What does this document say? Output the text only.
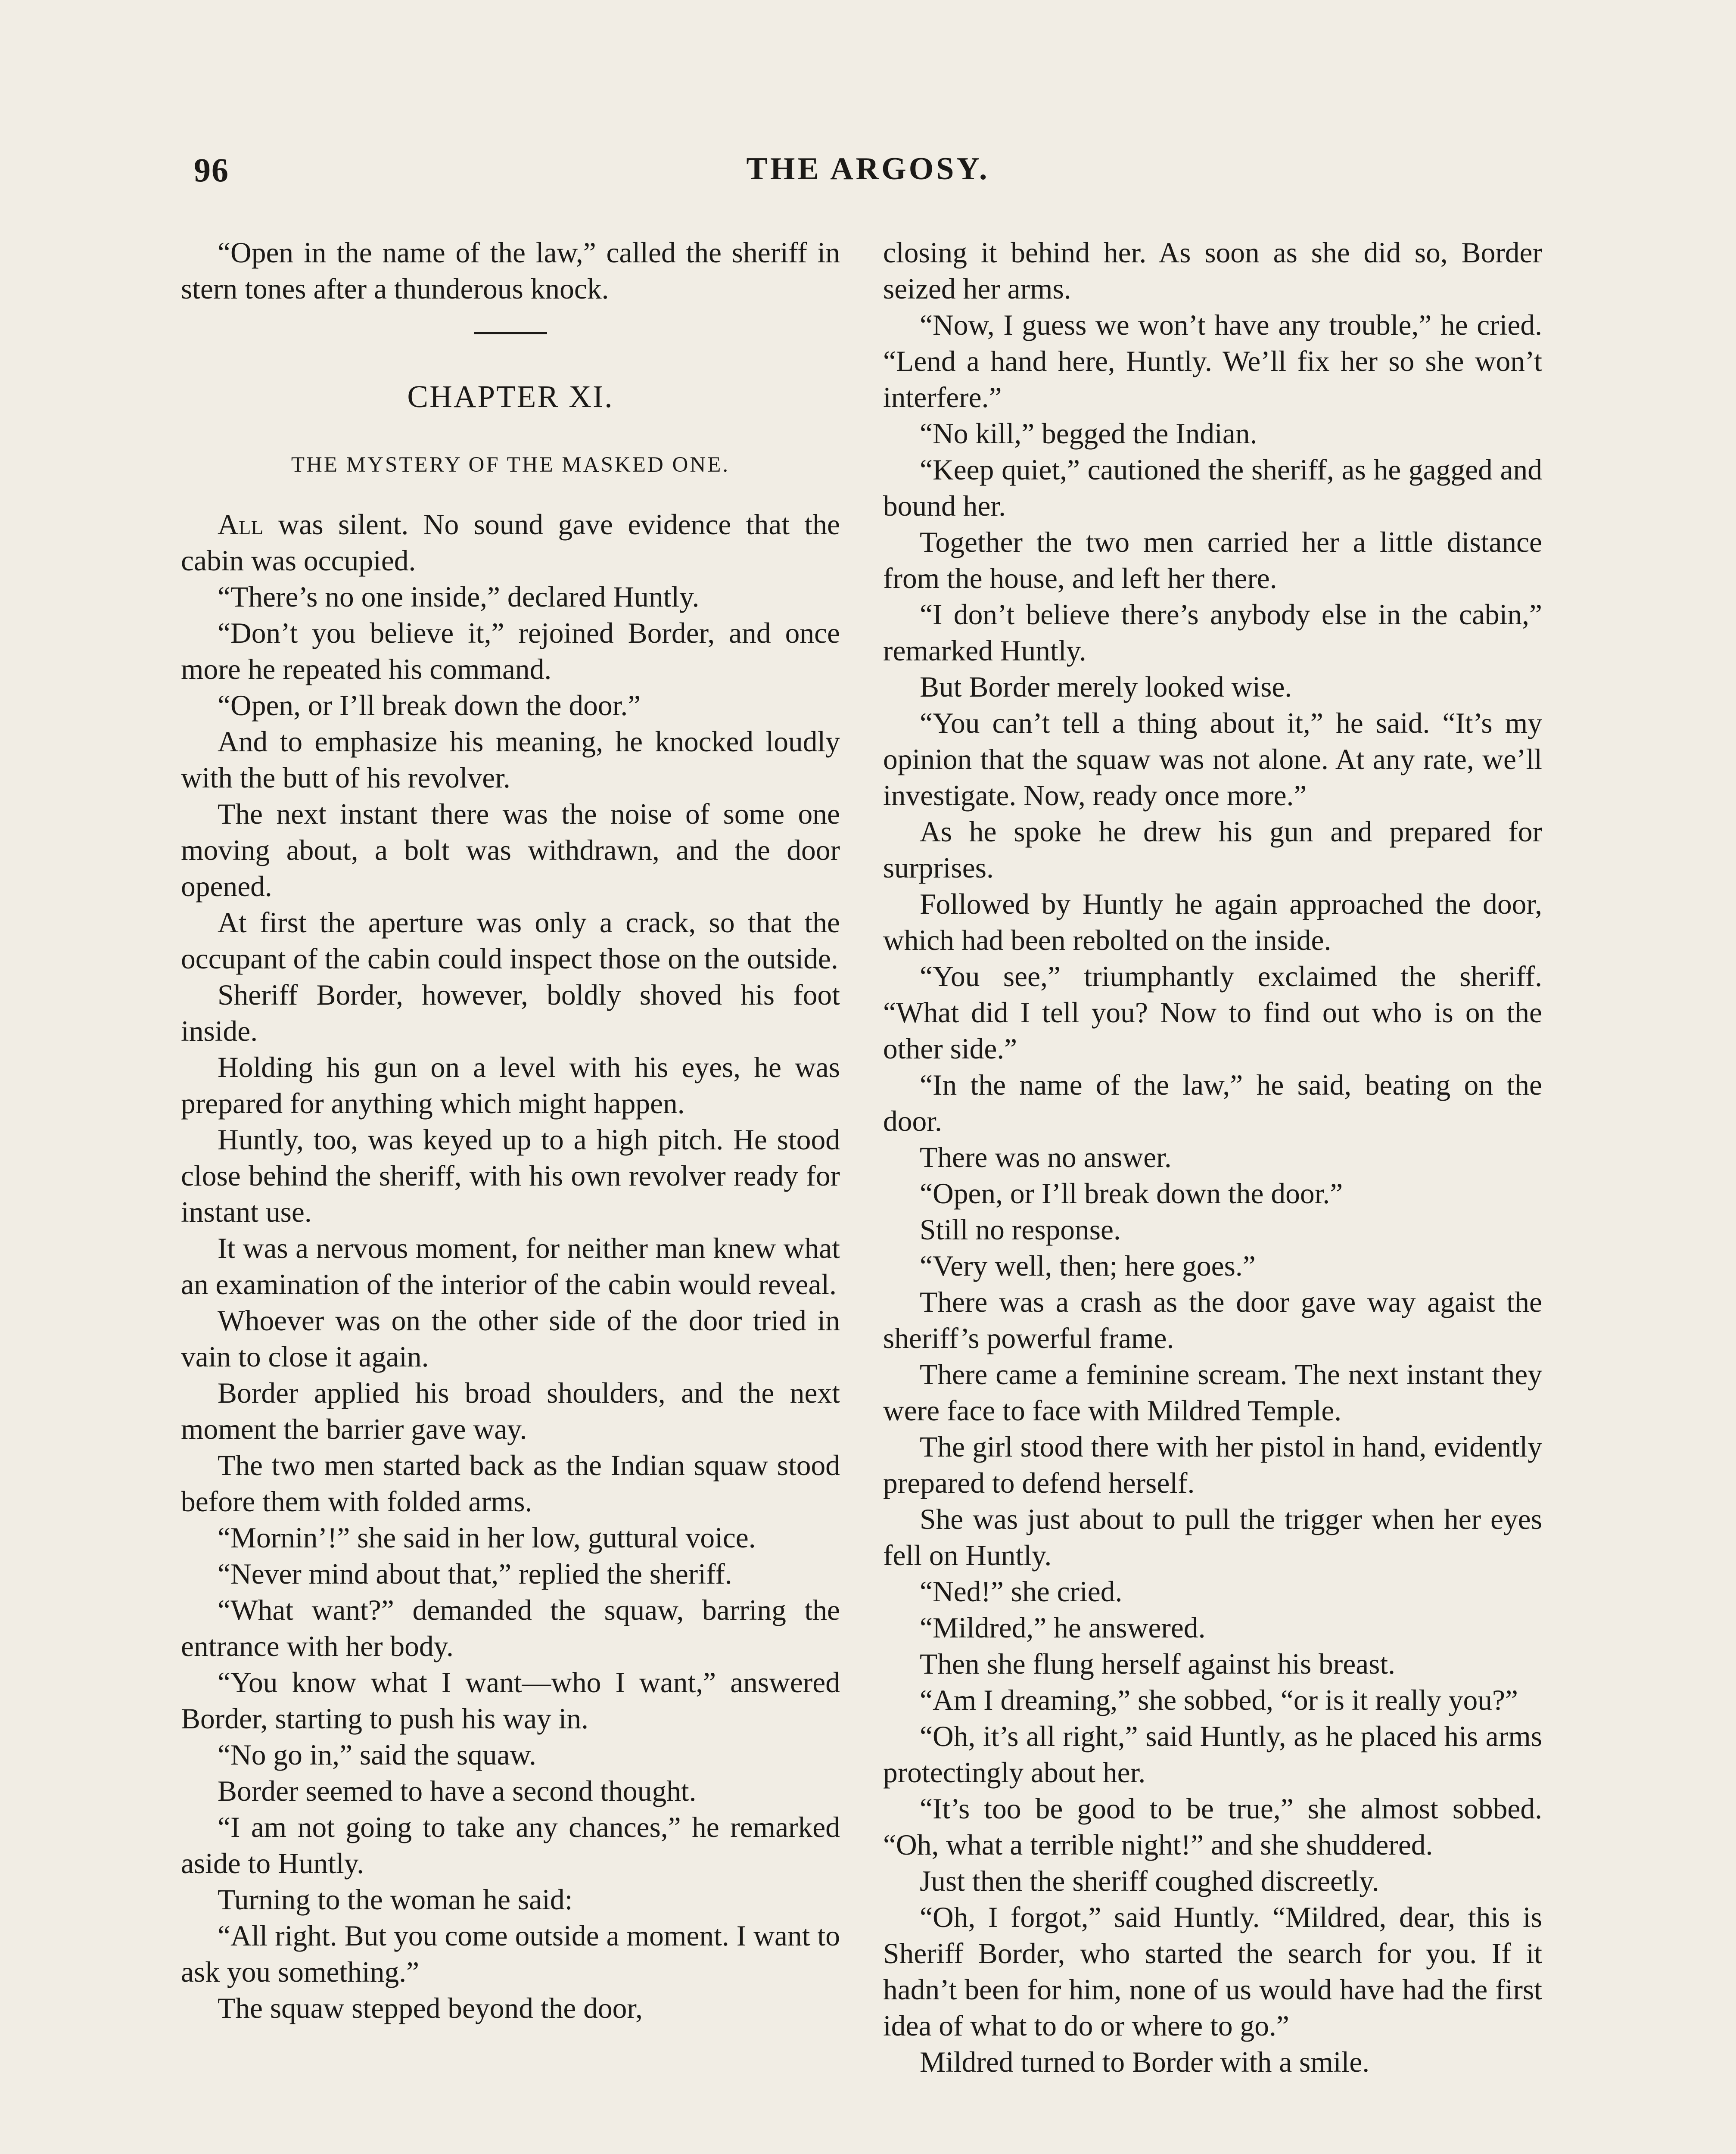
96	THE ARGOSY.

“Open in the name of the law,” called the sheriff in stern tones after a thunderous knock.

CHAPTER XI.
THE MYSTERY OF THE MASKED ONE.

All was silent. No sound gave evidence that the cabin was occupied.

“There’s no one inside,” declared Huntly.

“Don’t you believe it,” rejoined Border, and once more he repeated his command.

“Open, or I’ll break down the door.”

And to emphasize his meaning, he knocked loudly with the butt of his revolver.

The next instant there was the noise of some one moving about, a bolt was withdrawn, and the door opened.

At first the aperture was only a crack, so that the occupant of the cabin could inspect those on the outside.

Sheriff Border, however, boldly shoved his foot inside.

Holding his gun on a level with his eyes, he was prepared for anything which might happen.

Huntly, too, was keyed up to a high pitch. He stood close behind the sheriff, with his own revolver ready for instant use.

It was a nervous moment, for neither man knew what an examination of the interior of the cabin would reveal.

Whoever was on the other side of the door tried in vain to close it again.

Border applied his broad shoulders, and the next moment the barrier gave way.

The two men started back as the Indian squaw stood before them with folded arms.

“Mornin’!” she said in her low, guttural voice.

“Never mind about that,” replied the sheriff.

“What want?” demanded the squaw, barring the entrance with her body.

“You know what I want—who I want,” answered Border, starting to push his way in.

“No go in,” said the squaw.

Border seemed to have a second thought.

“I am not going to take any chances,” he remarked aside to Huntly.

Turning to the woman he said:

“All right. But you come outside a moment. I want to ask you something.”

The squaw stepped beyond the door,

closing it behind her. As soon as she did so, Border seized her arms.

“Now, I guess we won’t have any trouble,” he cried. “Lend a hand here, Huntly. We’ll fix her so she won’t interfere.”

“No kill,” begged the Indian.

“Keep quiet,” cautioned the sheriff, as he gagged and bound her.

Together the two men carried her a little distance from the house, and left her there.

“I don’t believe there’s anybody else in the cabin,” remarked Huntly.

But Border merely looked wise.

“You can’t tell a thing about it,” he said. “It’s my opinion that the squaw was not alone. At any rate, we’ll investigate. Now, ready once more.”

As he spoke he drew his gun and prepared for surprises.

Followed by Huntly he again approached the door, which had been rebolted on the inside.

“You see,” triumphantly exclaimed the sheriff. “What did I tell you? Now to find out who is on the other side.”

“In the name of the law,” he said, beating on the door.

There was no answer.

“Open, or I’ll break down the door.”

Still no response.

“Very well, then; here goes.”

There was a crash as the door gave way agaist the sheriff’s powerful frame.

There came a feminine scream. The next instant they were face to face with Mildred Temple.

The girl stood there with her pistol in hand, evidently prepared to defend herself.

She was just about to pull the trigger when her eyes fell on Huntly.

“Ned!” she cried.

“Mildred,” he answered.

Then she flung herself against his breast.

“Am I dreaming,” she sobbed, “or is it really you?”

“Oh, it’s all right,” said Huntly, as he placed his arms protectingly about her.

“It’s too be good to be true,” she almost sobbed. “Oh, what a terrible night!” and she shuddered.

Just then the sheriff coughed discreetly.

“Oh, I forgot,” said Huntly. “Mildred, dear, this is Sheriff Border, who started the search for you. If it hadn’t been for him, none of us would have had the first idea of what to do or where to go.”

Mildred turned to Border with a smile.
